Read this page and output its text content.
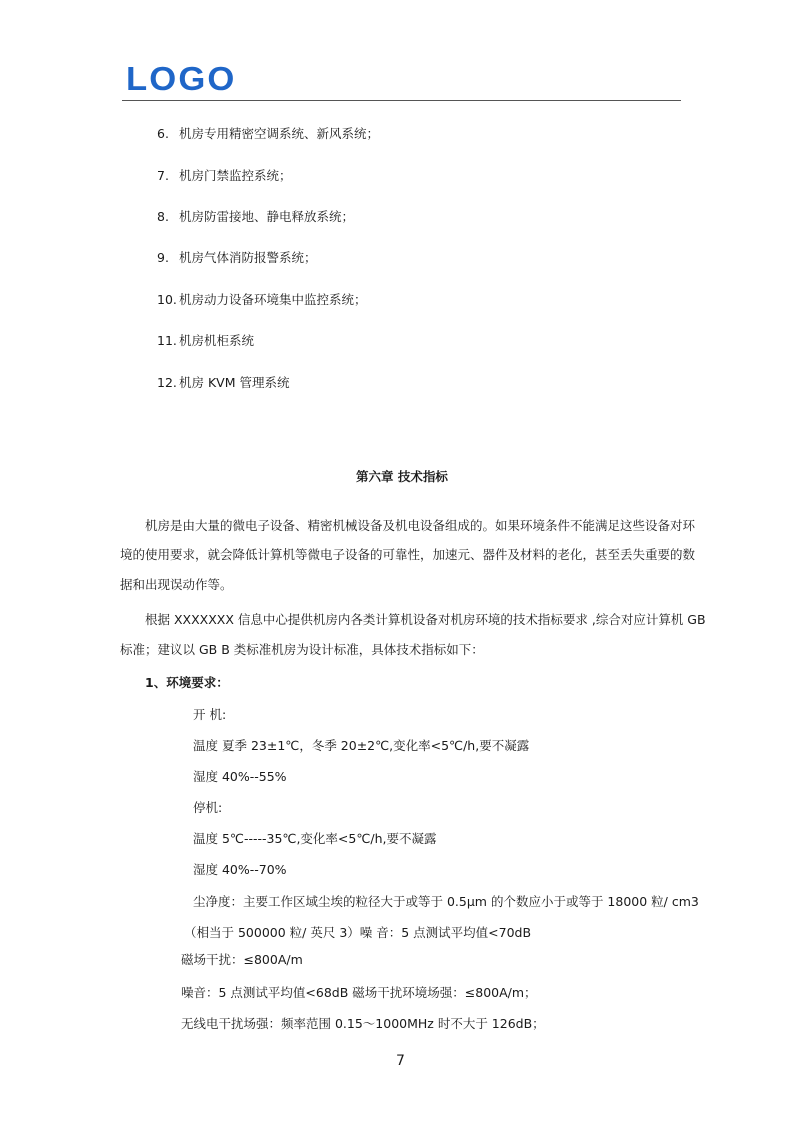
LOGO
6. 机房专用精密空调系统、新风系统；
7. 机房门禁监控系统；
8. 机房防雷接地、静电释放系统；
9. 机房气体消防报警系统；
10. 机房动力设备环境集中监控系统；
11. 机房机柜系统
12. 机房 KVM 管理系统
第六章 技术指标
机房是由大量的微电子设备、精密机械设备及机电设备组成的。如果环境条件不能满足这些设备对环
境的使用要求，就会降低计算机等微电子设备的可靠性，加速元、器件及材料的老化，甚至丢失重要的数
据和出现误动作等。
根据 XXXXXXX 信息中心提供机房内各类计算机设备对机房环境的技术指标要求 ,综合对应计算机 GB
标准；建议以 GB B 类标准机房为设计标准，具体技术指标如下：
1、环境要求：
开 机:
温度 夏季 23±1℃，冬季 20±2℃,变化率<5℃/h,要不凝露
湿度 40%--55%
停机:
温度 5℃-----35℃,变化率<5℃/h,要不凝露
湿度 40%--70%
尘净度：主要工作区域尘埃的粒径大于或等于 0.5μm 的个数应小于或等于 18000 粒/ cm3
（相当于 500000 粒/ 英尺 3）噪 音：5 点测试平均值<70dB
磁场干扰：≤800A/m
噪音：5 点测试平均值<68dB 磁场干扰环境场强：≤800A/m；
无线电干扰场强：频率范围 0.15～1000MHz 时不大于 126dB；
7
